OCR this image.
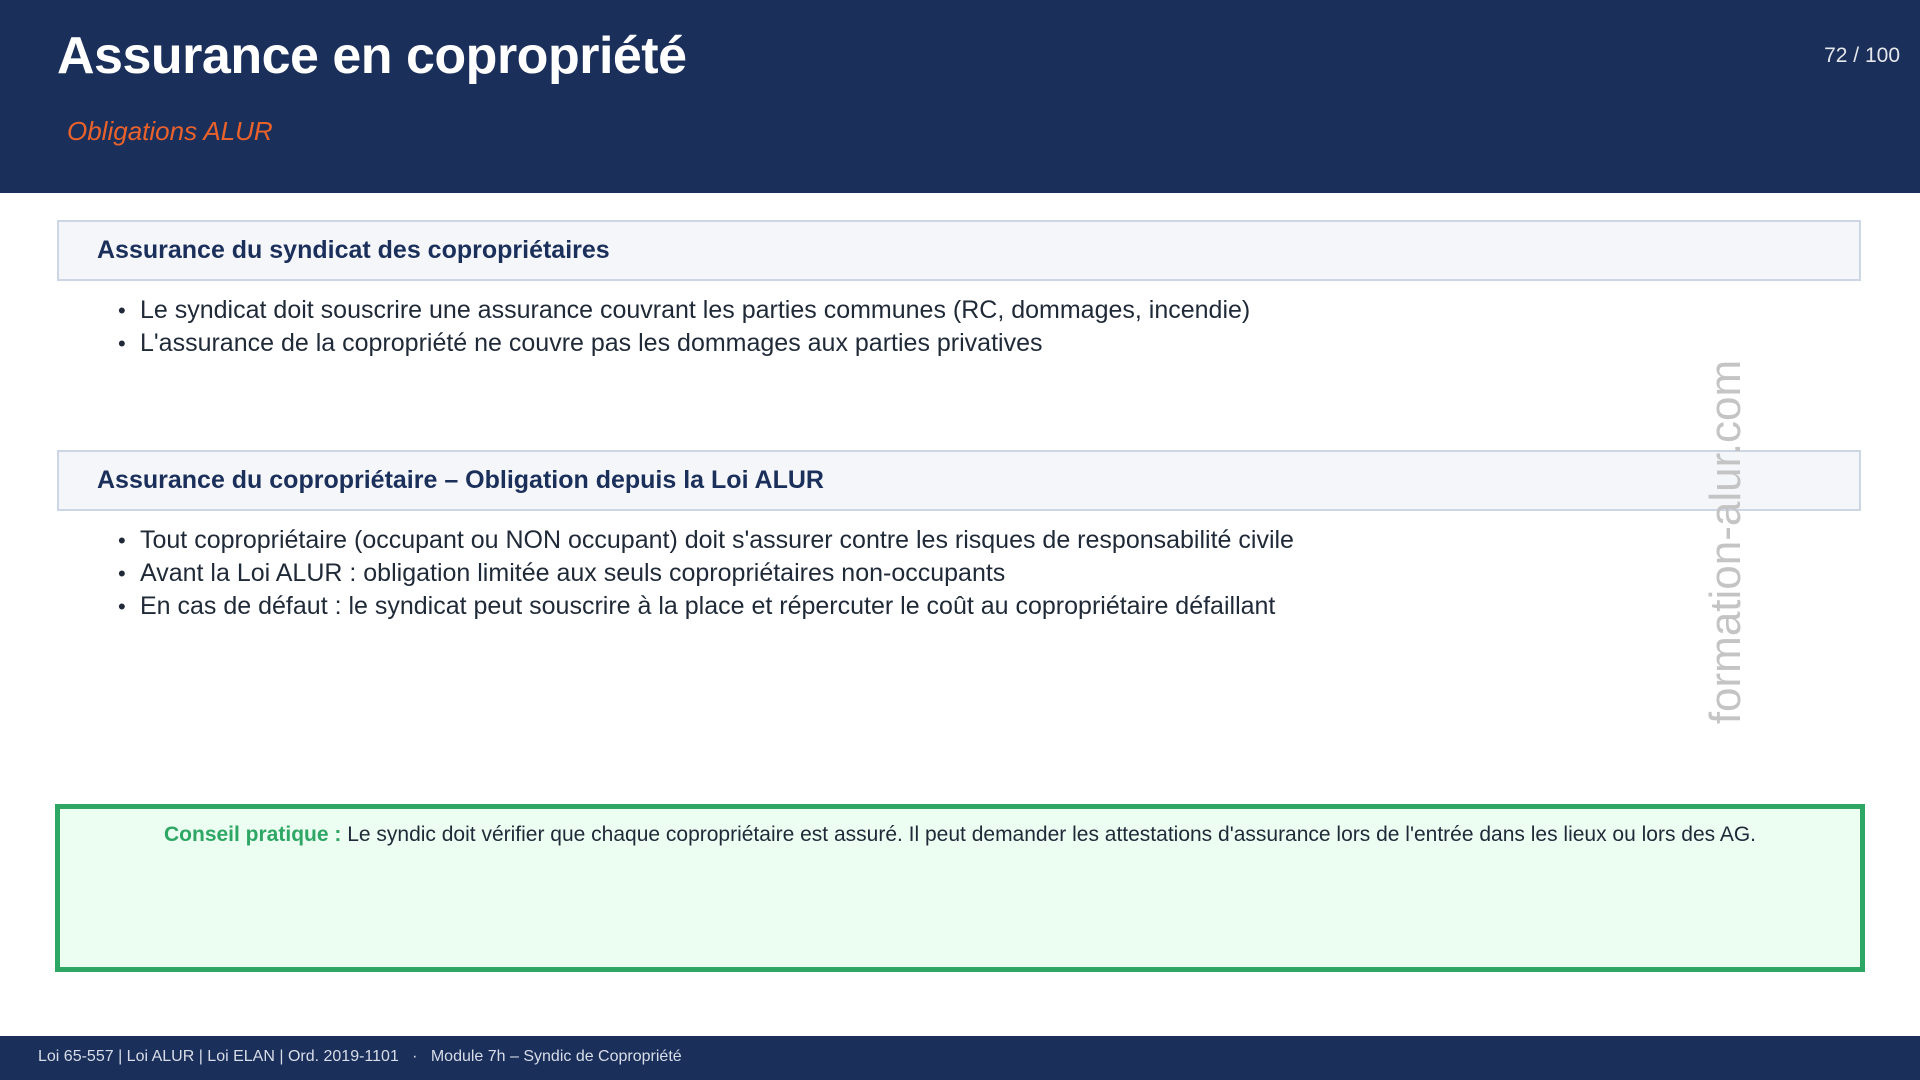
Assurance en copropriété
Obligations ALUR
72 / 100
Assurance du syndicat des copropriétaires
• Le syndicat doit souscrire une assurance couvrant les parties communes (RC, dommages, incendie)
• L'assurance de la copropriété ne couvre pas les dommages aux parties privatives
Assurance du copropriétaire – Obligation depuis la Loi ALUR
• Tout copropriétaire (occupant ou NON occupant) doit s'assurer contre les risques de responsabilité civile
• Avant la Loi ALUR : obligation limitée aux seuls copropriétaires non-occupants
• En cas de défaut : le syndicat peut souscrire à la place et répercuter le coût au copropriétaire défaillant	formation-alur.com
Conseil pratique : Le syndic doit vérifier que chaque copropriétaire est assuré. Il peut demander les attestations d'assurance lors de l'entrée dans les lieux ou lors des AG.
Loi 65-557 | Loi ALUR | Loi ELAN | Ord. 2019-1101   ·   Module 7h – Syndic de Copropriété
